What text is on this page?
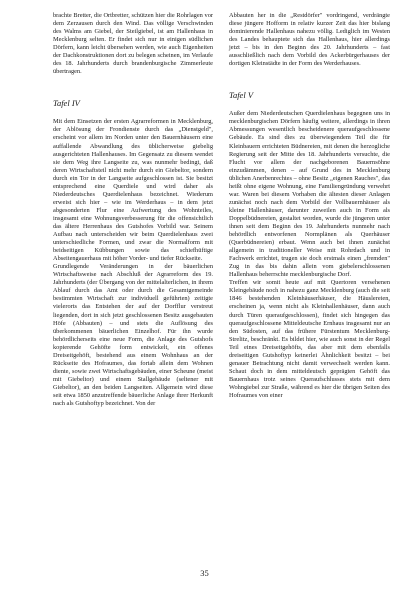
brachte Bretter, die Ortbretter, schützen hier die Rohrlagen vor dem Zerzausen durch den Wind. Das völlige Verschwinden des Walms am Giebel, der Steilgiebel, ist am Hallenhaus in Mecklenburg selten. Er findet sich nur in einigen südlichen Dörfern, kann leicht übersehen werden, wie auch Eigenheiten der Dachkonstruktionen dort zu belegen scheinen, im Verlaufe des 18. Jahrhunderts durch brandenburgische Zimmerleute übertragen.

Tafel IV

Mit dem Einsetzen der ersten Agrarreformen in Mecklenburg, der Ablösung der Frondienste durch das „Dienstgeld", erscheint vor allem im Norden unter den Bauernhäusern eine auffallende Abwandlung des üblicherweise giebelig ausgerichteten Hallenhauses. Im Gegensatz zu diesem wendet sie dem Weg ihre Langseite zu, was nunmehr bedingt, daß deren Wirtschaftsteil nicht mehr durch ein Giebeltor, sondern durch ein Tor in der Langseite aufgeschlossen ist. Sie besitzt entsprechend eine Querdiele und wird daher als Niederdeutsches Querdielenhaus bezeichnet. Wiederum erweist sich hier – wie im Werderhaus – in dem jetzt abgesonderten Flur eine Aufwertung des Wohnteiles, insgesamt eine Wohnungsverbesserung für die offensichtlich das ältere Herrenhaus des Gutshofes Vorbild war. Seinem Aufbau nach unterscheiden wir beim Querdielenhaus zwei unterschiedliche Formen, und zwar die Normalform mit beidseitigen Kübbungen sowie das schiefhüftige Abseitengauerhaus mit höher Vorder- und tiefer Rückseite.

Grundlegende Veränderungen in der bäuerlichen Wirtschaftsweise nach Abschluß der Agrarreform des 19. Jahrhunderts (der Übergang von der mittelalterlichen, in ihrem Ablauf durch das Amt oder durch die Gesamtgemeinde bestimmten Wirtschaft zur individuell geführten) zeitigte vielerorts das Entstehen der auf der Dorfflur verstreut liegenden, dort in sich jetzt geschlossenen Besitz ausgebauten Höfe (Abbauten) – und stets die Auflösung des überkommenen bäuerlichen Einzelhof. Für ihn wurde behördlicherseits eine neue Form, die Anlage des Gutshofs kopierende Gehöfte form entwickelt, ein offenes Dreiseitgehöft, bestehend aus einem Wohnhaus an der Rückseite des Hofraumes, das fortab allein dem Wohnen diente, sowie zwei Wirtschaftsgebäuden, einer Scheune (meist mit Giebeltor) und einem Stallgebäude (seltener mit Giebeltor), an den beiden Langseiten. Allgemein wird diese seit etwa 1850 anzutreffende bäuerliche Anlage ihrer Herkunft nach als Gutshoftyp bezeichnet. Von der

Abbauten her in die „Restdörfer" vordringend, verdrängte diese jüngere Hofform in relativ kurzer Zeit das hier bislang dominierende Hallenhaus nahezu völlig. Lediglich im Westen des Landes behauptete sich das Hallenhaus, hier allerdings jetzt – bis in den Beginn des 20. Jahrhunderts – fast ausschließlich nach dem Vorbild des Ackerbürgerhauses der dortigen Kleinstädte in der Form des Werderhauses.

Tafel V

Außer dem Niederdeutschen Querdielenhaus begegnen uns in mecklenburgischen Dörfern häufig weitere, allerdings in ihren Abmessungen wesentlich bescheidenere queraufgeschlossene Gebäude. Es sind dies zu überwiegendem Teil die für Kleinbauern errichteten Büdnereien, mit denen die herzogliche Regierung seit der Mitte des 18. Jahrhunderts versuchte, die Flucht vor allem der nachgeborenen Bauernsöhne einzudämmen, denen – auf Grund des in Mecklenburg üblichen Anerbenrechtes – ohne Besitz „eigenen Rauches", das heißt ohne eigene Wohnung, eine Familiengründung verwehrt war. Waren bei diesem Vorhaben die ältesten dieser Anlagen zunächst noch nach dem Vorbild der Vollbauernhäuser als kleine Hallenhäuser, darunter zuweilen auch in Form als Doppelbüdnereien, gestaltet worden, wurde die jüngeren unter ihnen seit dem Beginn des 19. Jahrhunderts nunmehr nach behördlich entworfenen Normplänen als Querhäuser (Querbüdnereien) erbaut. Wenn auch bei ihnen zunächst allgemein in traditioneller Weise mit Rohrdach und in Fachwerk errichtet, trugen sie doch erstmals einen „fremden" Zug in das bis dahin allein vom giebelerschlossenen Hallenhaus beherrschte mecklenburgische Dorf.

Treffen wir somit heute auf mit Quertoren versehenen Kleingebäude noch in nahezu ganz Mecklenburg (auch die seit 1846 bestehenden Kleinhäuserhäuser, die Häuslereien, erscheinen ja, wenn nicht als Kleinhallenhäuser, dann auch durch Türen queraufgeschlossen), findet sich hingegen das queraufgeschlossene Mitteldeutsche Ernhaus insgesamt nur an den Südosten, auf das frühere Fürstentum Mecklenburg-Strelitz, beschränkt. Es bildet hier, wie auch sonst in der Regel Teil eines Dreiseitgehöfts, das aber mit dem ebenfalls dreiseitigen Gutshoftyp keinerlei Ähnlichkeit besitzt – bei genauer Betrachtung nicht damit verwechselt werden kann. Schaut doch in dem mitteldeutsch geprägten Gehöft das Bauernhaus trotz seines Queraufschlusses stets mit dem Wohngiebel zur Straße, während es hier die übrigen Seiten des Hofraumes von einer

35
